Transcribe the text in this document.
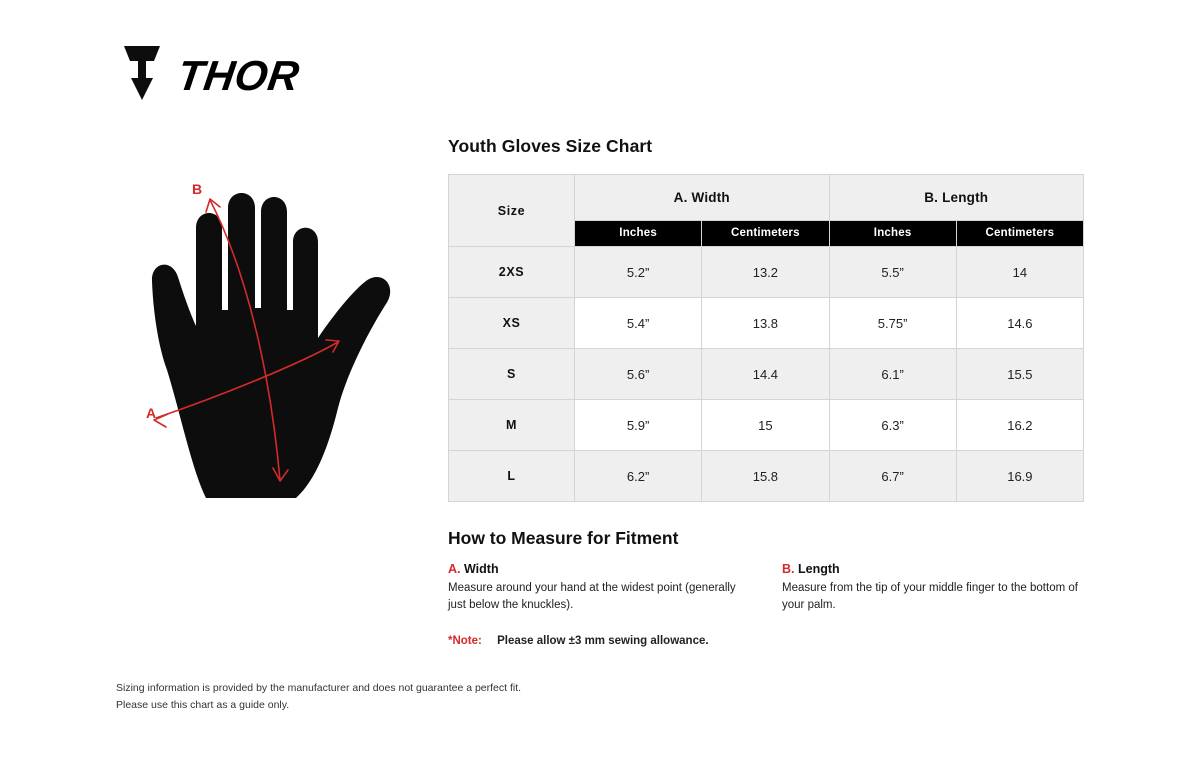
THOR
B
A
Youth Gloves Size Chart
Size	A. Width		B. Length	
	Inches	Centimeters	Inches	Centimeters
2XS	5.2”	13.2	5.5”	14
XS	5.4”	13.8	5.75”	14.6
S	5.6”	14.4	6.1”	15.5
M	5.9”	15	6.3”	16.2
L	6.2”	15.8	6.7”	16.9
How to Measure for Fitment
A. Width
Measure around your hand at the widest point (generally just below the knuckles).
B. Length
Measure from the tip of your middle finger to the bottom of your palm.
*Note: Please allow ±3 mm sewing allowance.
Sizing information is provided by the manufacturer and does not guarantee a perfect fit.
Please use this chart as a guide only.
